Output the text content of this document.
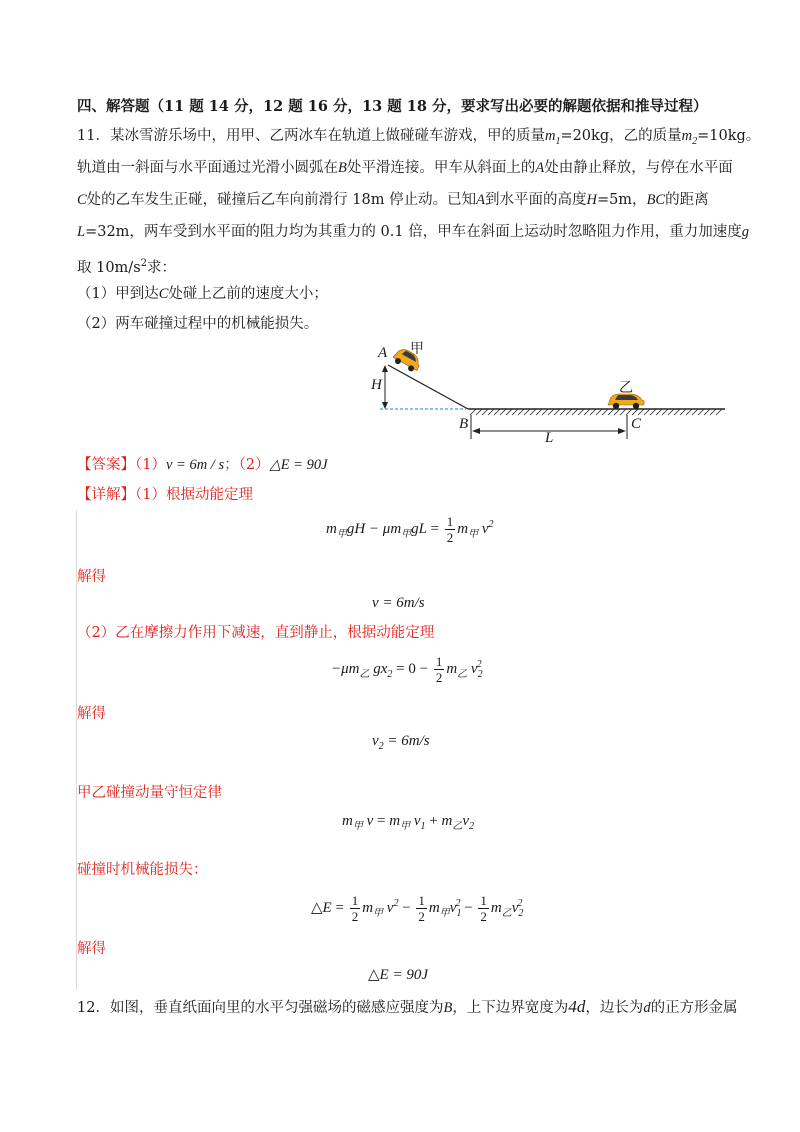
四、解答题（11 题 14 分，12 题 16 分，13 题 18 分，要求写出必要的解题依据和推导过程）
11．某冰雪游乐场中，用甲、乙两冰车在轨道上做碰碰车游戏，甲的质量$m_1=20kg$，乙的质量$m_2=10kg$。
轨道由一斜面与水平面通过光滑小圆弧在B处平滑连接。甲车从斜面上的A处由静止释放，与停在水平面
C处的乙车发生正碰，碰撞后乙车向前滑行 18m 停止动。已知A到水平面的高度H=5m，BC的距离
L=32m，两车受到水平面的阻力均为其重力的 0.1 倍，甲车在斜面上运动时忽略阻力作用，重力加速度g
取 $10m/s^2$求：
（1）甲到达C处碰上乙前的速度大小；
（2）两车碰撞过程中的机械能损失。
A 甲
H
B
乙
L
C
【答案】（1）v = 6m / s；（2）△E = 90J
【详解】（1）根据动能定理
$m_甲gH - \mu m_甲gL = \frac{1}{2} m_甲$ $v^2$
解得
v = 6m/s
（2）乙在摩擦力作用下减速，直到静止，根据动能定理
$-\mu m_乙$ $gx_2 = 0 - \frac{1}{2} m_乙$ $v_2^2$
解得
$v_2 = 6m/s$
甲乙碰撞动量守恒定律
$m_甲$ $v = m_甲$ $v_1 + m_乙v_2$
碰撞时机械能损失：
△E = $\frac{1}{2} m_甲$ $v^2 - \frac{1}{2} m_甲v_1^2 - \frac{1}{2} m_乙v_2^2$
解得
△E = 90J
12．如图，垂直纸面向里的水平匀强磁场的磁感应强度为B，上下边界宽度为4d，边长为d的正方形金属
